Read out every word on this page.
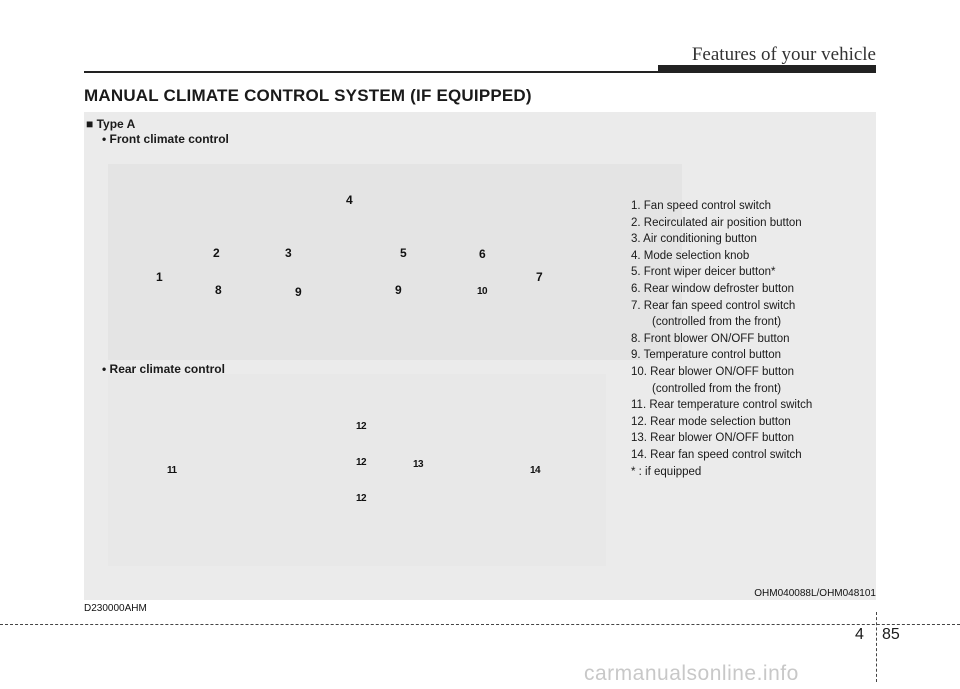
Features of your vehicle
MANUAL CLIMATE CONTROL SYSTEM (IF EQUIPPED)
■ Type A
• Front climate control
• Rear climate control
4
2	3	5	6
1	7
8	9	9	10
12
11
12	13
14
12
1. Fan speed control switch
2. Recirculated air position button
3. Air conditioning button
4. Mode selection knob
5. Front wiper deicer button*
6. Rear window defroster button
7. Rear fan speed control switch
(controlled from the front)
8. Front blower ON/OFF button
9. Temperature control button
10. Rear blower ON/OFF button
(controlled from the front)
11. Rear temperature control switch
12. Rear mode selection button
13. Rear blower ON/OFF button
14. Rear fan speed control switch
* : if equipped
OHM040088L/OHM048101
D230000AHM
4 85
carmanualsonline.info
